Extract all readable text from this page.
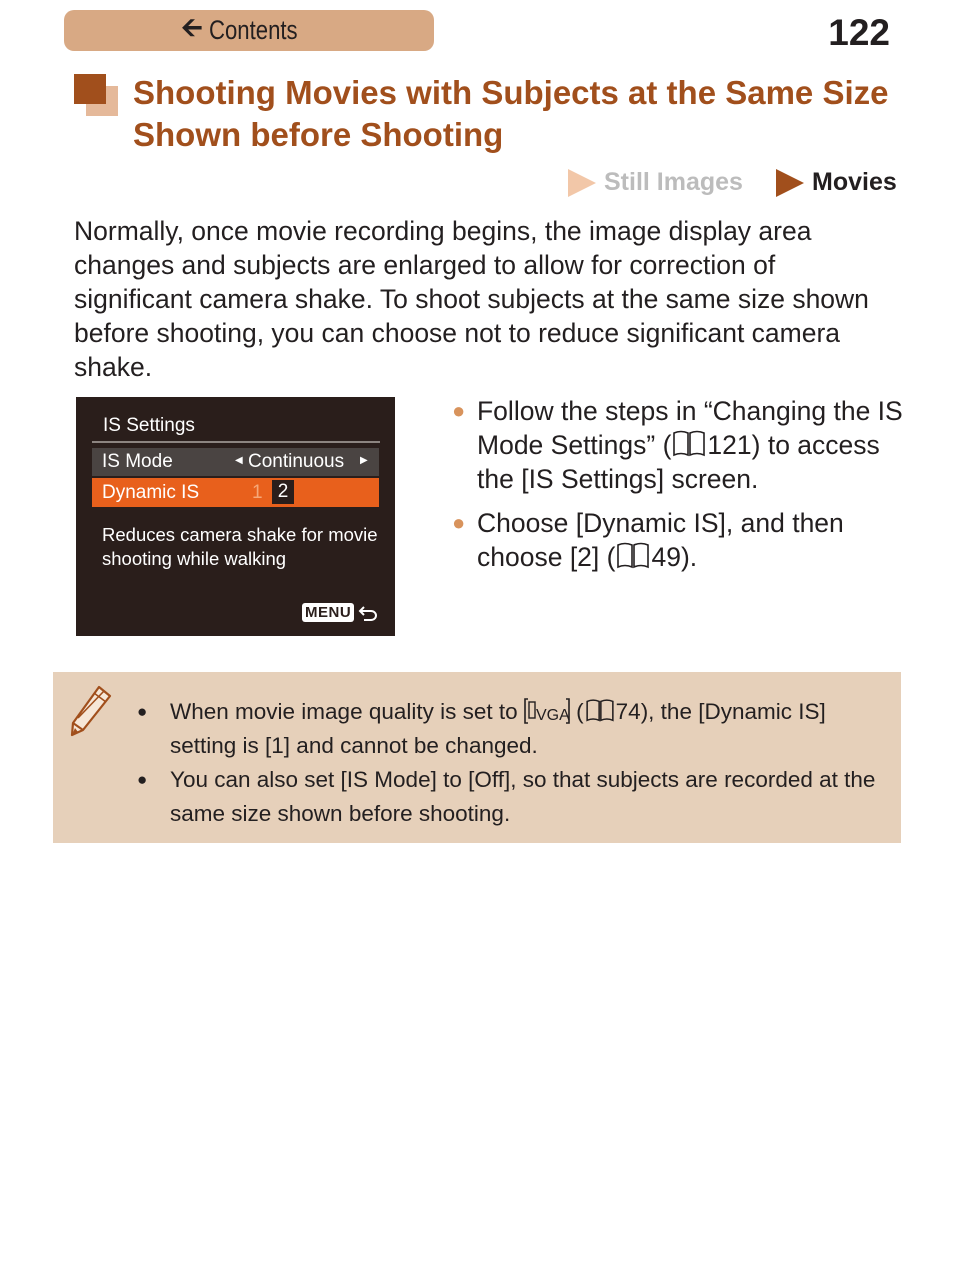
🡨 Contents	122
Shooting Movies with Subjects at the Same Size Shown before Shooting
Still Images	Movies
Normally, once movie recording begins, the image display area changes and subjects are enlarged to allow for correction of significant camera shake. To shoot subjects at the same size shown before shooting, you can choose not to reduce significant camera shake.
IS Settings
IS Mode	◀ Continuous ▶
Dynamic IS	1 2
Reduces camera shake for movie
shooting while walking
MENU
● Follow the steps in “Changing the IS Mode Settings” ( 121) to access the [IS Settings] screen.
● Choose [Dynamic IS], and then choose [2] ( 49).
● When movie image quality is set to VGA ( 74), the [Dynamic IS] setting is [1] and cannot be changed.
● You can also set [IS Mode] to [Off], so that subjects are recorded at the same size shown before shooting.
